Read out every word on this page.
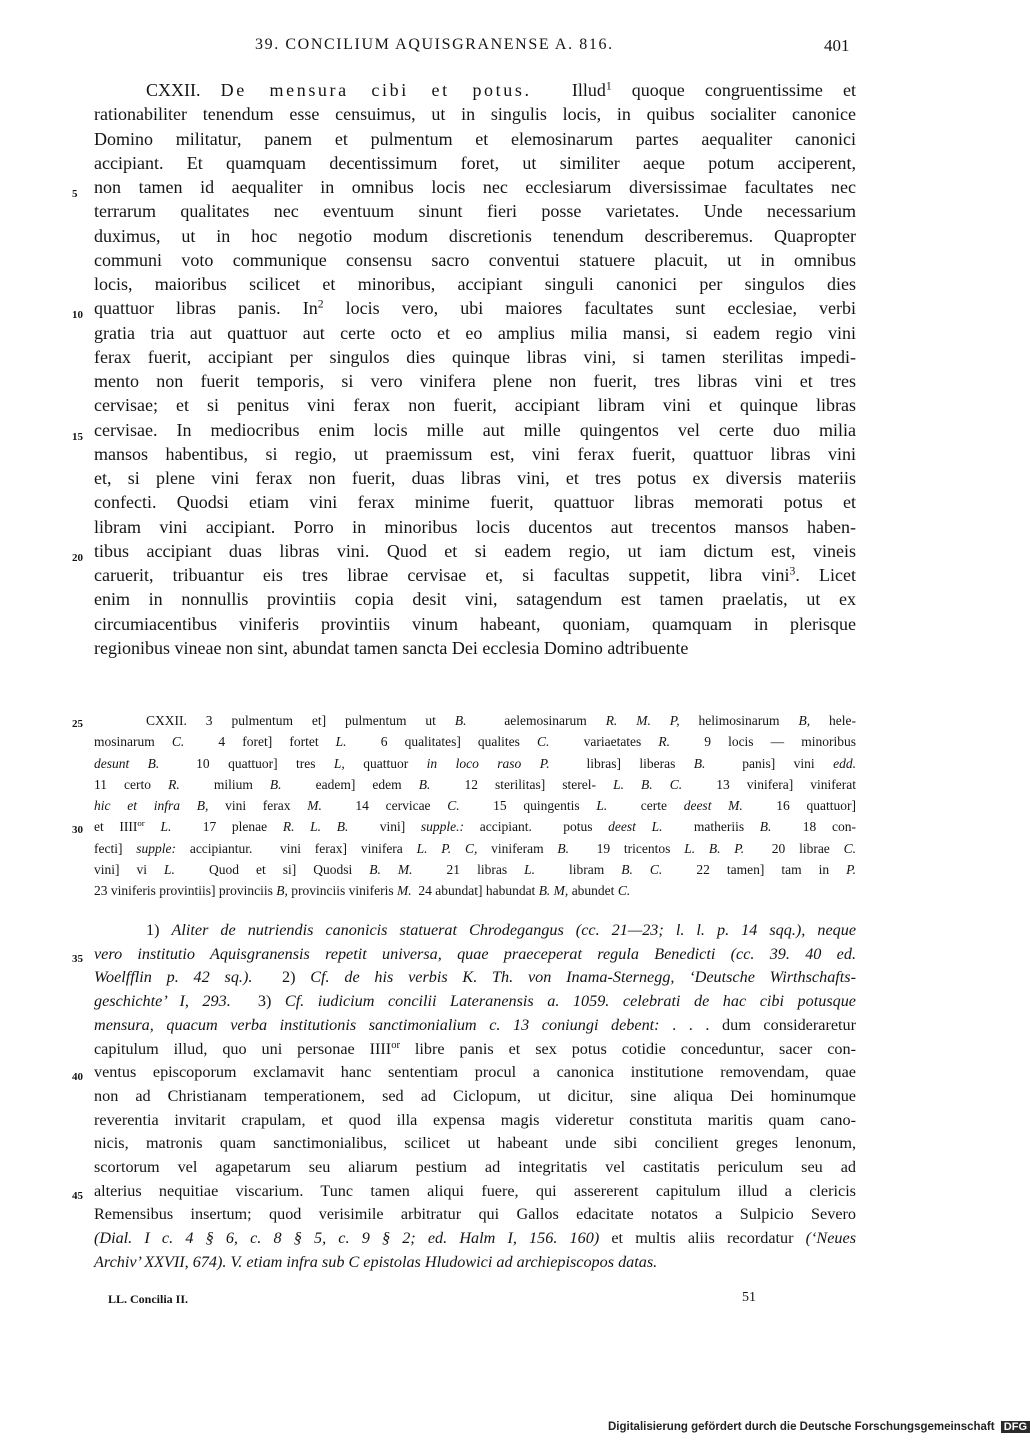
39. CONCILIUM AQUISGRANENSE A. 816.	401
CXXII. De mensura cibi et potus.  Illud$^1$ quoque congruentissime et
rationabiliter tenendum esse censuimus, ut in singulis locis, in quibus socialiter canonice
Domino militatur, panem et pulmentum et elemosinarum partes aequaliter canonici
accipiant. Et quamquam decentissimum foret, ut similiter aeque potum acciperent,
5 non tamen id aequaliter in omnibus locis nec ecclesiarum diversissimae facultates nec
terrarum qualitates nec eventuum sinunt fieri posse varietates. Unde necessarium
duximus, ut in hoc negotio modum discretionis tenendum describeremus. Quapropter
communi voto communique consensu sacro conventui statuere placuit, ut in omnibus
locis, maioribus scilicet et minoribus, accipiant singuli canonici per singulos dies
10 quattuor libras panis. In$^2$ locis vero, ubi maiores facultates sunt ecclesiae, verbi
gratia tria aut quattuor aut certe octo et eo amplius milia mansi, si eadem regio vini
ferax fuerit, accipiant per singulos dies quinque libras vini, si tamen sterilitas impedi-
mento non fuerit temporis, si vero vinifera plene non fuerit, tres libras vini et tres
cervisae; et si penitus vini ferax non fuerit, accipiant libram vini et quinque libras
15 cervisae. In mediocribus enim locis mille aut mille quingentos vel certe duo milia
mansos habentibus, si regio, ut praemissum est, vini ferax fuerit, quattuor libras vini
et, si plene vini ferax non fuerit, duas libras vini, et tres potus ex diversis materiis
confecti. Quodsi etiam vini ferax minime fuerit, quattuor libras memorati potus et
libram vini accipiant. Porro in minoribus locis ducentos aut trecentos mansos haben-
20 tibus accipiant duas libras vini. Quod et si eadem regio, ut iam dictum est, vineis
caruerit, tribuantur eis tres librae cervisae et, si facultas suppetit, libra vini$^3$. Licet
enim in nonnullis provintiis copia desit vini, satagendum est tamen praelatis, ut ex
circumiacentibus viniferis provintiis vinum habeant, quoniam, quamquam in plerisque
regionibus vineae non sint, abundat tamen sancta Dei ecclesia Domino adtribuente
25	CXXII. 3 pulmentum et] pulmentum ut B.  aelemosinarum R. M. P, helimosinarum B, hele-
mosinarum C.  4 foret] fortet L.  6 qualitates] qualites C.  variaetates R.  9 locis — minoribus
desunt B.  10 quattuor] tres L, quattuor in loco raso P.  libras] liberas B.  panis] vini edd.
11 certo R.  milium B.  eadem] edem B.  12 sterilitas] sterel- L. B. C.  13 vinifera] viniferat
hic et infra B, vini ferax M.  14 cervicae C.  15 quingentis L.  certe deest M.  16 quattuor]
30 et $IIII^{or}$ L.  17 plenae R. L. B.  vini] supple.: accipiant.  potus deest L.  matheriis B.  18 con-
fecti] supple: accipiantur.  vini ferax] vinifera L. P. C, viniferam B.  19 tricentos L. B. P.  20 librae C.
vini] vi L.  Quod et si] Quodsi B. M.  21 libras L.  libram B. C.  22 tamen] tam in P.
23 viniferis provintiis] provinciis B, provinciis viniferis M.  24 abundat] habundat B. M, abundet C.
1) Aliter de nutriendis canonicis statuerat Chrodegangus (cc. 21—23; l. l. p. 14 sqq.), neque
35 vero institutio Aquisgranensis repetit universa, quae praeceperat regula Benedicti (cc. 39. 40 ed.
Woelfflin p. 42 sq.).  2) Cf. de his verbis K. Th. von Inama-Sternegg, ‘Deutsche Wirthschafts-
geschichte’ I, 293.  3) Cf. iudicium concilii Lateranensis a. 1059. celebrati de hac cibi potusque
mensura, quacum verba institutionis sanctimonialium c. 13 coniungi debent: . . . dum consideraretur
capitulum illud, quo uni personae $IIII^{or}$ libre panis et sex potus cotidie conceduntur, sacer con-
40 ventus episcoporum exclamavit hanc sententiam procul a canonica institutione removendam, quae
non ad Christianam temperationem, sed ad Ciclopum, ut dicitur, sine aliqua Dei hominumque
reverentia invitarit crapulam, et quod illa expensa magis videretur constituta maritis quam cano-
nicis, matronis quam sanctimonialibus, scilicet ut habeant unde sibi concilient greges lenonum,
scortorum vel agapetarum seu aliarum pestium ad integritatis vel castitatis periculum seu ad
45 alterius nequitiae viscarium. Tunc tamen aliqui fuere, qui assererent capitulum illud a clericis
Remensibus insertum; quod verisimile arbitratur qui Gallos edacitate notatos a Sulpicio Severo
(Dial. I c. 4 § 6, c. 8 § 5, c. 9 § 2; ed. Halm I, 156. 160) et multis aliis recordatur (‘Neues
Archiv’ XXVII, 674). V. etiam infra sub C epistolas Hludowici ad archiepiscopos datas.
LL. Concilia II.	51
Digitalisierung gefördert durch die Deutsche Forschungsgemeinschaft DFG
